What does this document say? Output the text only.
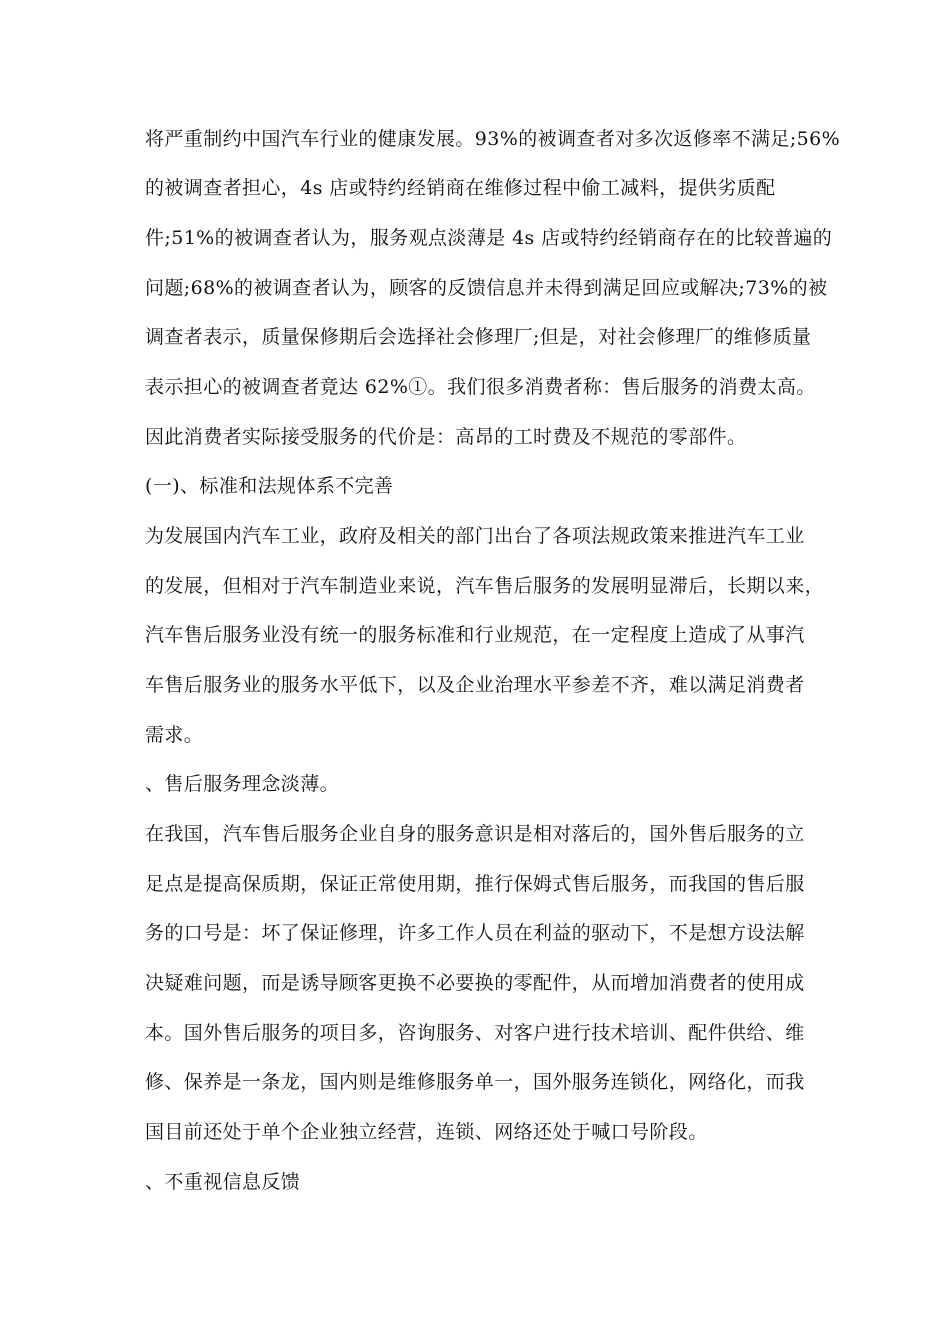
将严重制约中国汽车行业的健康发展。93%的被调查者对多次返修率不满足;56%
的被调查者担心，4s 店或特约经销商在维修过程中偷工减料，提供劣质配
件;51%的被调查者认为，服务观点淡薄是 4s 店或特约经销商存在的比较普遍的
问题;68%的被调查者认为，顾客的反馈信息并未得到满足回应或解决;73%的被
调查者表示，质量保修期后会选择社会修理厂;但是，对社会修理厂的维修质量
表示担心的被调查者竟达 62%①。我们很多消费者称：售后服务的消费太高。
因此消费者实际接受服务的代价是：高昂的工时费及不规范的零部件。
(一)、标准和法规体系不完善
为发展国内汽车工业，政府及相关的部门出台了各项法规政策来推进汽车工业
的发展，但相对于汽车制造业来说，汽车售后服务的发展明显滞后，长期以来，
汽车售后服务业没有统一的服务标准和行业规范，在一定程度上造成了从事汽
车售后服务业的服务水平低下，以及企业治理水平参差不齐，难以满足消费者
需求。
、售后服务理念淡薄。
在我国，汽车售后服务企业自身的服务意识是相对落后的，国外售后服务的立
足点是提高保质期，保证正常使用期，推行保姆式售后服务，而我国的售后服
务的口号是：坏了保证修理，许多工作人员在利益的驱动下，不是想方设法解
决疑难问题，而是诱导顾客更换不必要换的零配件，从而增加消费者的使用成
本。国外售后服务的项目多，咨询服务、对客户进行技术培训、配件供给、维
修、保养是一条龙，国内则是维修服务单一，国外服务连锁化，网络化，而我
国目前还处于单个企业独立经营，连锁、网络还处于喊口号阶段。
、不重视信息反馈
